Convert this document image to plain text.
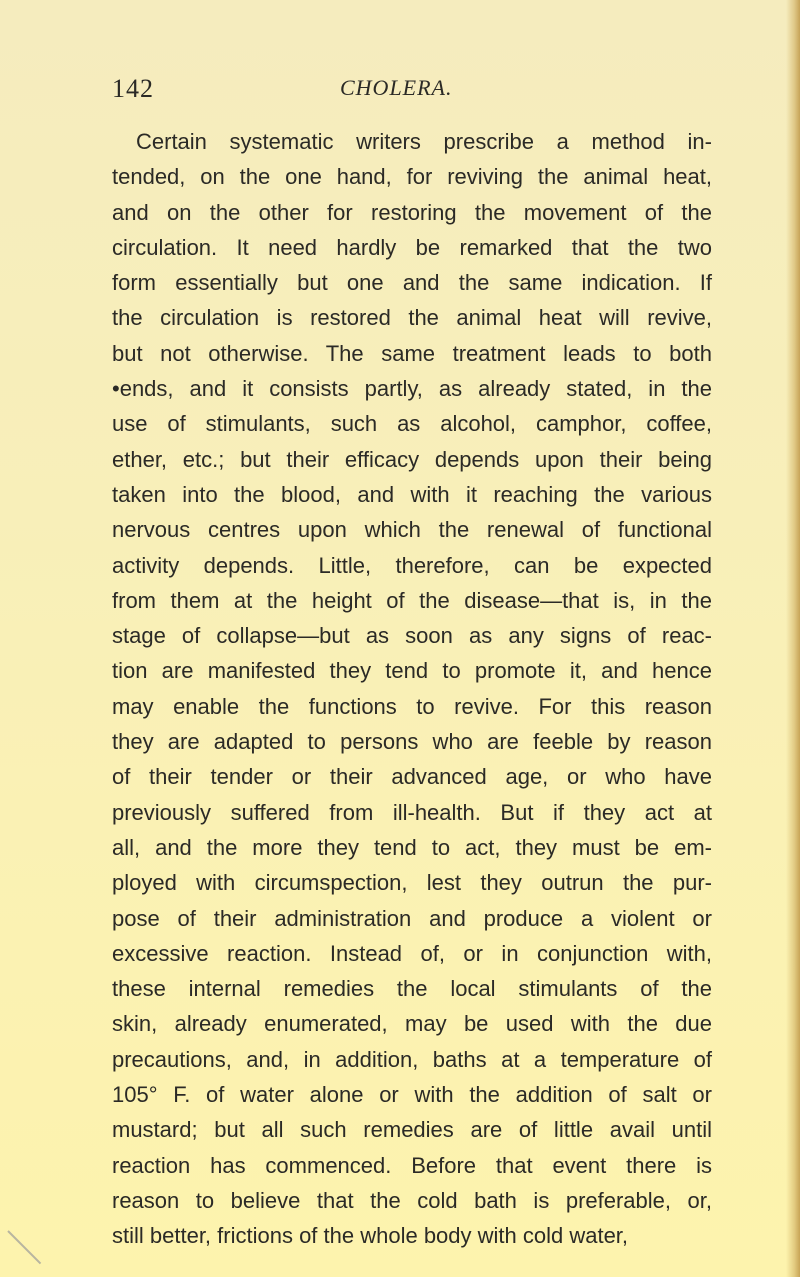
142	CHOLERA.
Certain systematic writers prescribe a method in-
tended, on the one hand, for reviving the animal heat,
and on the other for restoring the movement of the
circulation. It need hardly be remarked that the two
form essentially but one and the same indication. If
the circulation is restored the animal heat will revive,
but not otherwise. The same treatment leads to both
•ends, and it consists partly, as already stated, in the
use of stimulants, such as alcohol, camphor, coffee,
ether, etc.; but their efficacy depends upon their being
taken into the blood, and with it reaching the various
nervous centres upon which the renewal of functional
activity depends. Little, therefore, can be expected
from them at the height of the disease—that is, in the
stage of collapse—but as soon as any signs of reac-
tion are manifested they tend to promote it, and hence
may enable the functions to revive. For this reason
they are adapted to persons who are feeble by reason
of their tender or their advanced age, or who have
previously suffered from ill-health. But if they act at
all, and the more they tend to act, they must be em-
ployed with circumspection, lest they outrun the pur-
pose of their administration and produce a violent or
excessive reaction. Instead of, or in conjunction with,
these internal remedies the local stimulants of the
skin, already enumerated, may be used with the due
precautions, and, in addition, baths at a temperature of
105° F. of water alone or with the addition of salt or
mustard; but all such remedies are of little avail until
reaction has commenced. Before that event there is
reason to believe that the cold bath is preferable, or,
still better, frictions of the whole body with cold water,
